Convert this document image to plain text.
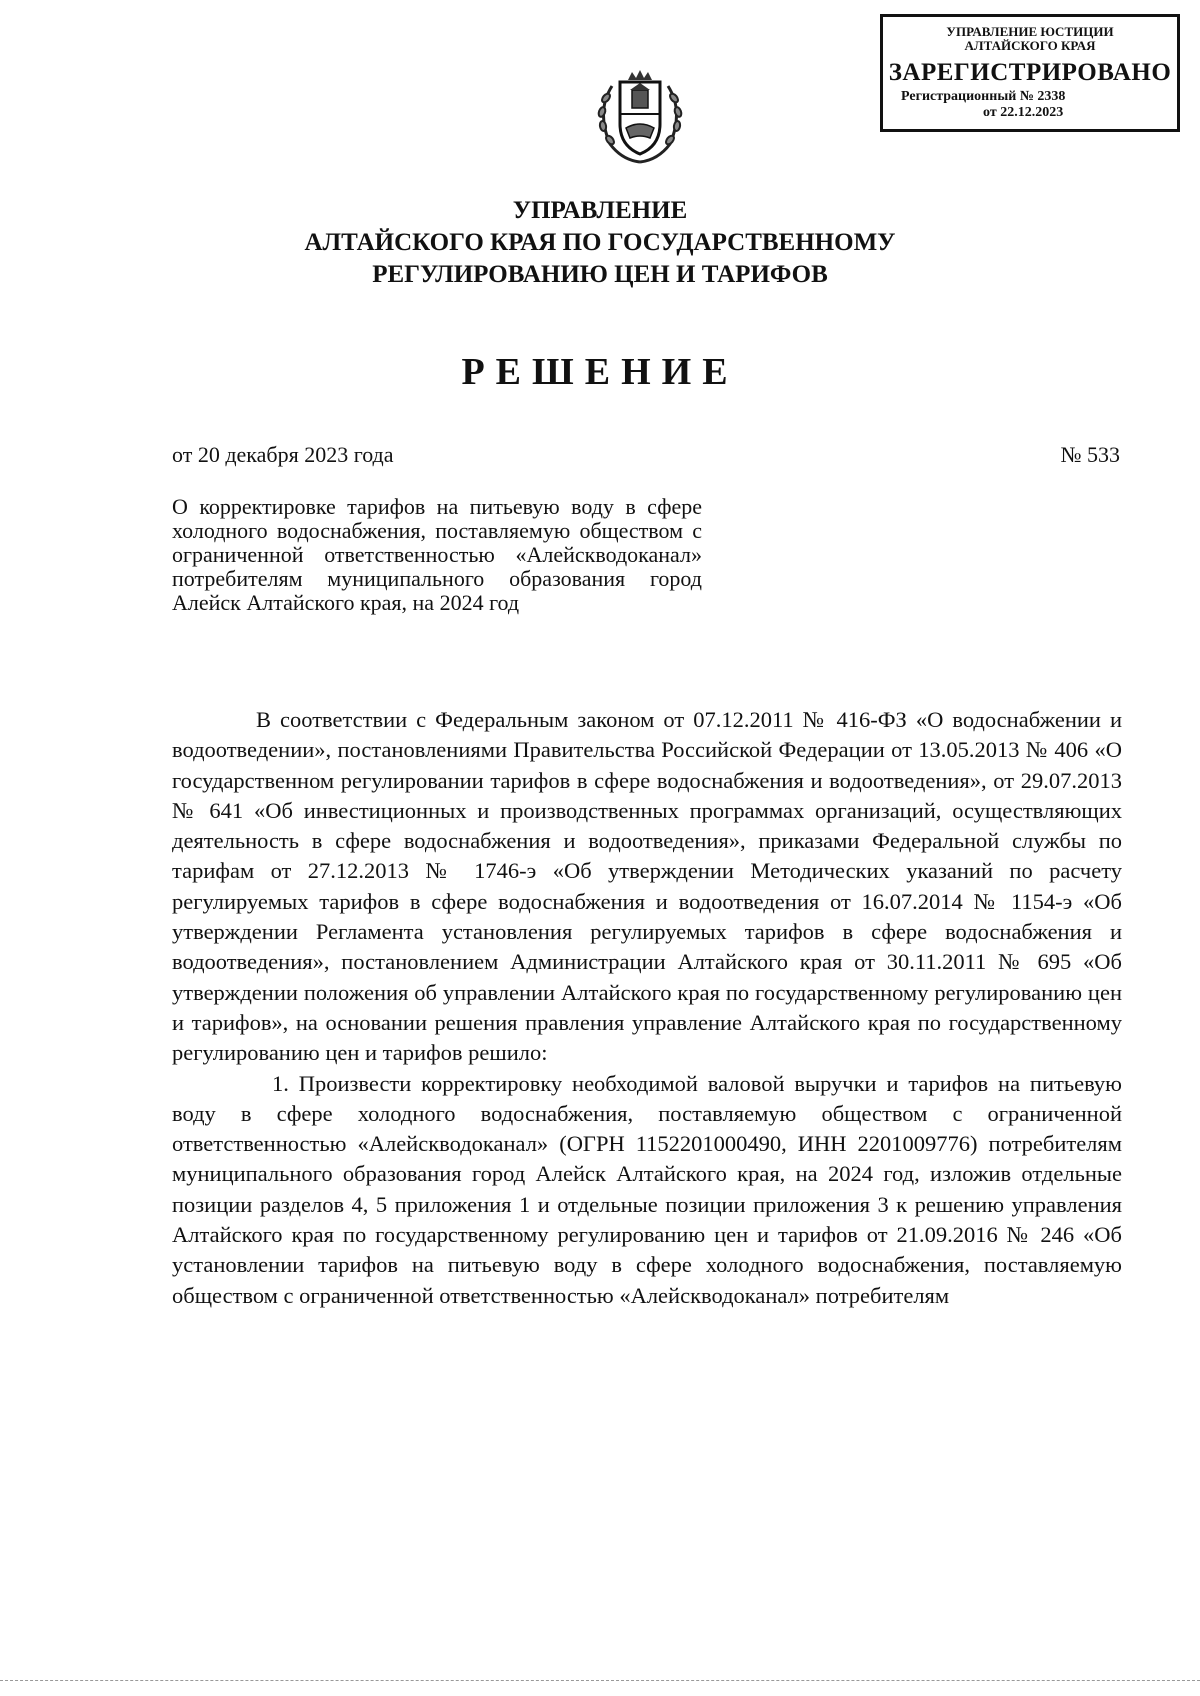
УПРАВЛЕНИЕ ЮСТИЦИИ
АЛТАЙСКОГО КРАЯ
ЗАРЕГИСТРИРОВАНО
Регистрационный № 2338
от 22.12.2023
УПРАВЛЕНИЕ
АЛТАЙСКОГО КРАЯ ПО ГОСУДАРСТВЕННОМУ
РЕГУЛИРОВАНИЮ ЦЕН И ТАРИФОВ
РЕШЕНИЕ
от 20 декабря 2023 года	№ 533
О корректировке тарифов на питьевую воду в сфере холодного водоснабжения, поставляемую обществом с ограниченной ответственностью «Алейскводоканал» потребителям муниципального образования город Алейск Алтайского края, на 2024 год

В соответствии с Федеральным законом от 07.12.2011 № 416-ФЗ «О водоснабжении и водоотведении», постановлениями Правительства Российской Федерации от 13.05.2013 № 406 «О государственном регулировании тарифов в сфере водоснабжения и водоотведения», от 29.07.2013 № 641 «Об инвестиционных и производственных программах организаций, осуществляющих деятельность в сфере водоснабжения и водоотведения», приказами Федеральной службы по тарифам от 27.12.2013 № 1746-э «Об утверждении Методических указаний по расчету регулируемых тарифов в сфере водоснабжения и водоотведения от 16.07.2014 № 1154-э «Об утверждении Регламента установления регулируемых тарифов в сфере водоснабжения и водоотведения», постановлением Администрации Алтайского края от 30.11.2011 № 695 «Об утверждении положения об управлении Алтайского края по государственному регулированию цен и тарифов», на основании решения правления управление Алтайского края по государственному регулированию цен и тарифов решило:

1. Произвести корректировку необходимой валовой выручки и тарифов на питьевую воду в сфере холодного водоснабжения, поставляемую обществом с ограниченной ответственностью «Алейскводоканал» (ОГРН 1152201000490, ИНН 2201009776) потребителям муниципального образования город Алейск Алтайского края, на 2024 год, изложив отдельные позиции разделов 4, 5 приложения 1 и отдельные позиции приложения 3 к решению управления Алтайского края по государственному регулированию цен и тарифов от 21.09.2016 № 246 «Об установлении тарифов на питьевую воду в сфере холодного водоснабжения, поставляемую обществом с ограниченной ответственностью «Алейскводоканал» потребителям
